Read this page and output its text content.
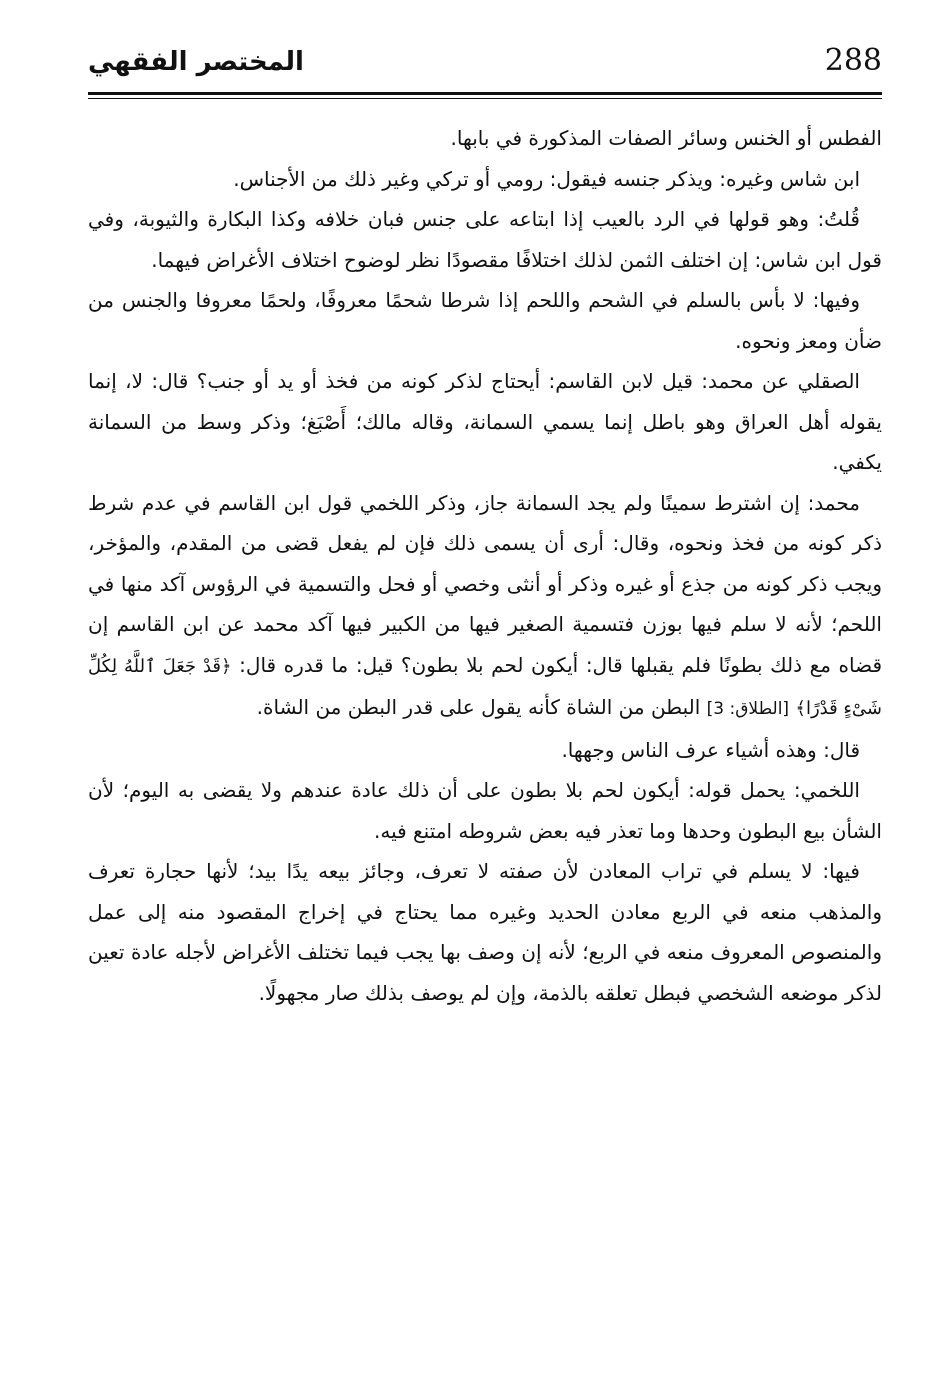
288
المختصر الفقهي

الفطس أو الخنس وسائر الصفات المذكورة في بابها.

ابن شاس وغيره: ويذكر جنسه فيقول: رومي أو تركي وغير ذلك من الأجناس.

قُلتُ: وهو قولها في الرد بالعيب إذا ابتاعه على جنس فبان خلافه وكذا البكارة والثيوبة، وفي قول ابن شاس: إن اختلف الثمن لذلك اختلافًا مقصودًا نظر لوضوح اختلاف الأغراض فيهما.

وفيها: لا بأس بالسلم في الشحم واللحم إذا شرطا شحمًا معروفًا، ولحمًا معروفا والجنس من ضأن ومعز ونحوه.

الصقلي عن محمد: قيل لابن القاسم: أيحتاج لذكر كونه من فخذ أو يد أو جنب؟ قال: لا، إنما يقوله أهل العراق وهو باطل إنما يسمي السمانة، وقاله مالك؛ أَصْبَغ؛ وذكر وسط من السمانة يكفي.

محمد: إن اشترط سمينًا ولم يجد السمانة جاز، وذكر اللخمي قول ابن القاسم في عدم شرط ذكر كونه من فخذ ونحوه، وقال: أرى أن يسمى ذلك فإن لم يفعل قضى من المقدم، والمؤخر، ويجب ذكر كونه من جذع أو غيره وذكر أو أنثى وخصي أو فحل والتسمية في الرؤوس آكد منها في اللحم؛ لأنه لا سلم فيها بوزن فتسمية الصغير فيها من الكبير فيها آكد محمد عن ابن القاسم إن قضاه مع ذلك بطونًا فلم يقبلها قال: أيكون لحم بلا بطون؟ قيل: ما قدره قال: ﴿قَدْ جَعَلَ ٱللَّهُ لِكُلِّ شَىْءٍ قَدْرًا﴾ [الطلاق: 3] البطن من الشاة كأنه يقول على قدر البطن من الشاة.

قال: وهذه أشياء عرف الناس وجهها.

اللخمي: يحمل قوله: أيكون لحم بلا بطون على أن ذلك عادة عندهم ولا يقضى به اليوم؛ لأن الشأن بيع البطون وحدها وما تعذر فيه بعض شروطه امتنع فيه.

فيها: لا يسلم في تراب المعادن لأن صفته لا تعرف، وجائز بيعه يدًا بيد؛ لأنها حجارة تعرف والمذهب منعه في الربع معادن الحديد وغيره مما يحتاج في إخراج المقصود منه إلى عمل والمنصوص المعروف منعه في الربع؛ لأنه إن وصف بها يجب فيما تختلف الأغراض لأجله عادة تعين لذكر موضعه الشخصي فبطل تعلقه بالذمة، وإن لم يوصف بذلك صار مجهولًا.
